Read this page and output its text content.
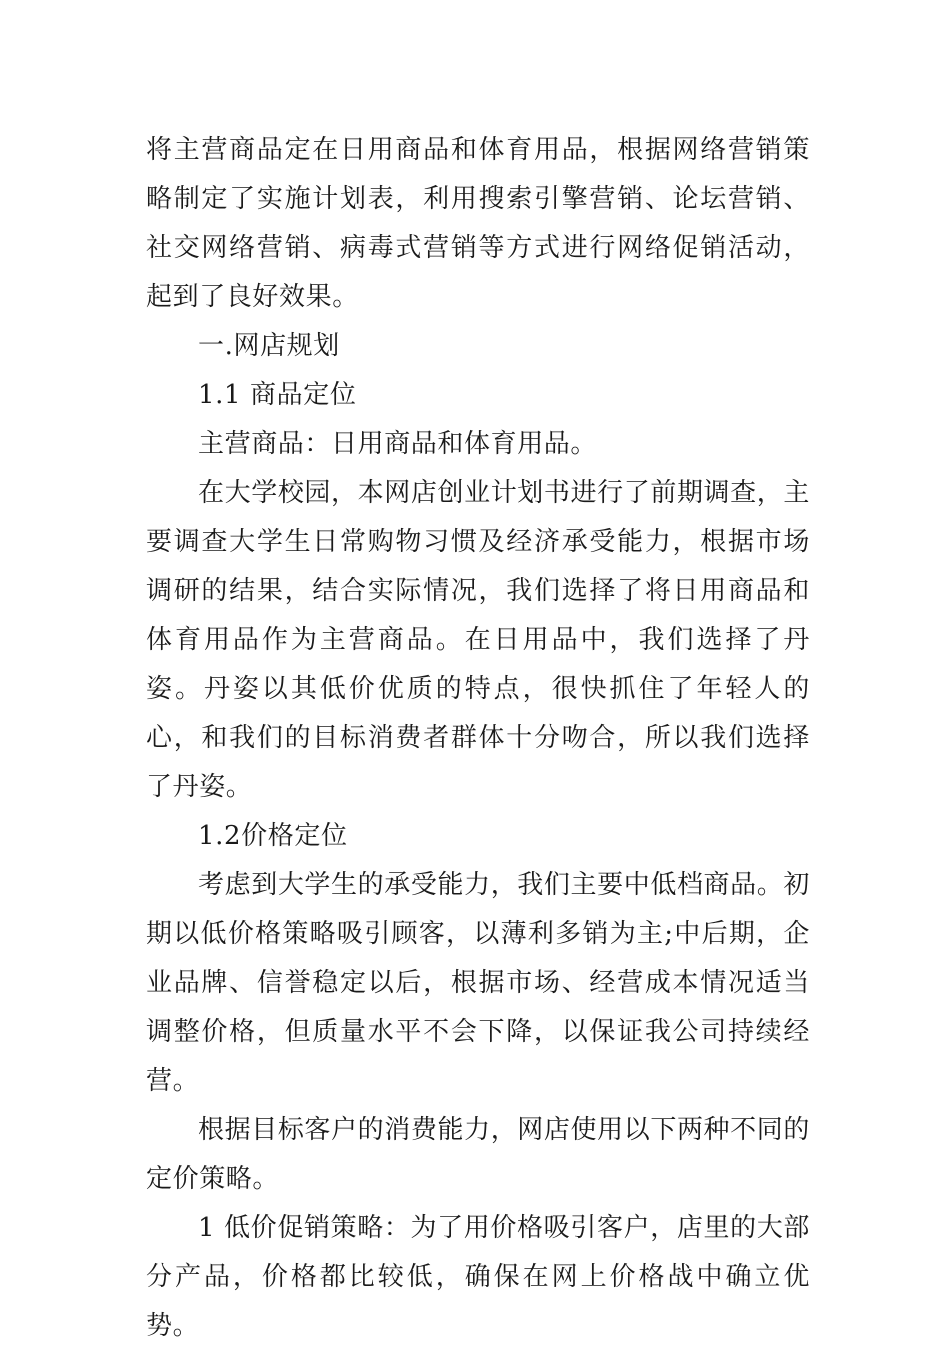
将主营商品定在日用商品和体育用品，根据网络营销策略制定了实施计划表，利用搜索引擎营销、论坛营销、社交网络营销、病毒式营销等方式进行网络促销活动，起到了良好效果。

一.网店规划

1.1 商品定位

主营商品：日用商品和体育用品。

在大学校园，本网店创业计划书进行了前期调查，主要调查大学生日常购物习惯及经济承受能力，根据市场调研的结果，结合实际情况，我们选择了将日用商品和体育用品作为主营商品。在日用品中，我们选择了丹姿。丹姿以其低价优质的特点，很快抓住了年轻人的心，和我们的目标消费者群体十分吻合，所以我们选择了丹姿。

1.2价格定位

考虑到大学生的承受能力，我们主要中低档商品。初期以低价格策略吸引顾客，以薄利多销为主;中后期，企业品牌、信誉稳定以后，根据市场、经营成本情况适当调整价格，但质量水平不会下降，以保证我公司持续经营。

根据目标客户的消费能力，网店使用以下两种不同的定价策略。

1 低价促销策略：为了用价格吸引客户，店里的大部分产品，价格都比较低，确保在网上价格战中确立优势。
